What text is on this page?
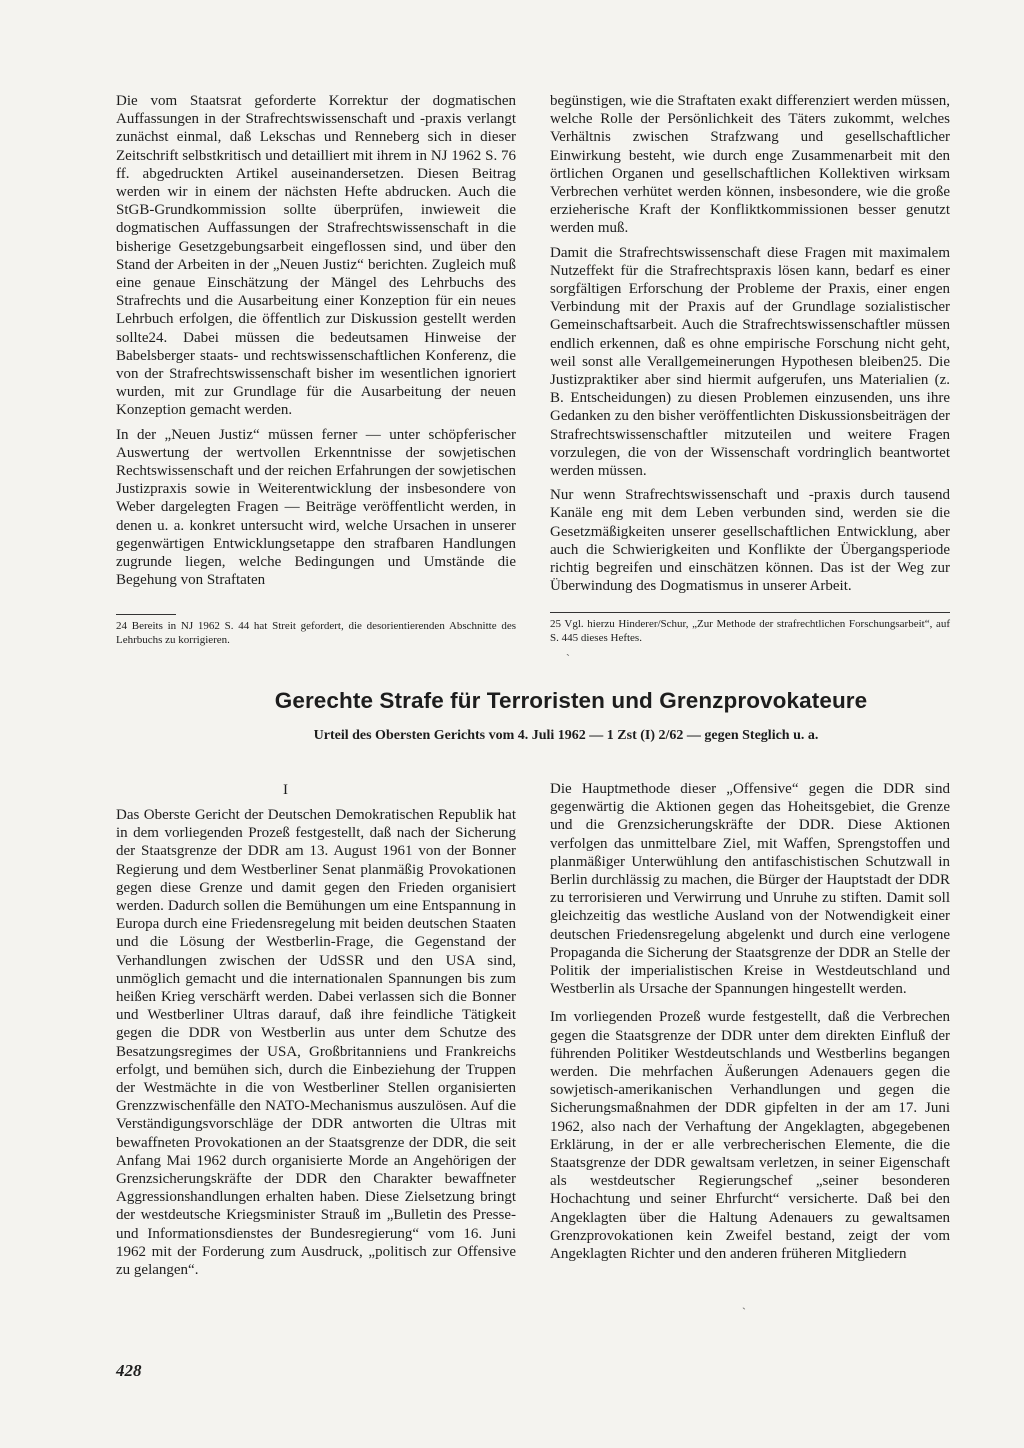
Die vom Staatsrat geforderte Korrektur der dogmatischen Auffassungen in der Strafrechtswissenschaft und -praxis verlangt zunächst einmal, daß Lekschas und Renneberg sich in dieser Zeitschrift selbstkritisch und detailliert mit ihrem in NJ 1962 S. 76 ff. abgedruckten Artikel auseinandersetzen. Diesen Beitrag werden wir in einem der nächsten Hefte abdrucken. Auch die StGB-Grundkommission sollte überprüfen, inwieweit die dogmatischen Auffassungen der Strafrechtswissenschaft in die bisherige Gesetzgebungsarbeit eingeflossen sind, und über den Stand der Arbeiten in der „Neuen Justiz“ berichten. Zugleich muß eine genaue Einschätzung der Mängel des Lehrbuchs des Strafrechts und die Ausarbeitung einer Konzeption für ein neues Lehrbuch erfolgen, die öffentlich zur Diskussion gestellt werden sollte24. Dabei müssen die bedeutsamen Hinweise der Babelsberger staats- und rechtswissenschaftlichen Konferenz, die von der Strafrechtswissenschaft bisher im wesentlichen ignoriert wurden, mit zur Grundlage für die Ausarbeitung der neuen Konzeption gemacht werden.

In der „Neuen Justiz“ müssen ferner — unter schöpferischer Auswertung der wertvollen Erkenntnisse der sowjetischen Rechtswissenschaft und der reichen Erfahrungen der sowjetischen Justizpraxis sowie in Weiterentwicklung der insbesondere von Weber dargelegten Fragen — Beiträge veröffentlicht werden, in denen u. a. konkret untersucht wird, welche Ursachen in unserer gegenwärtigen Entwicklungsetappe den strafbaren Handlungen zugrunde liegen, welche Bedingungen und Umstände die Begehung von Straftaten

24 Bereits in NJ 1962 S. 44 hat Streit gefordert, die desorientierenden Abschnitte des Lehrbuchs zu korrigieren.

begünstigen, wie die Straftaten exakt differenziert werden müssen, welche Rolle der Persönlichkeit des Täters zukommt, welches Verhältnis zwischen Strafzwang und gesellschaftlicher Einwirkung besteht, wie durch enge Zusammenarbeit mit den örtlichen Organen und gesellschaftlichen Kollektiven wirksam Verbrechen verhütet werden können, insbesondere, wie die große erzieherische Kraft der Konfliktkommissionen besser genutzt werden muß.

Damit die Strafrechtswissenschaft diese Fragen mit maximalem Nutzeffekt für die Strafrechtspraxis lösen kann, bedarf es einer sorgfältigen Erforschung der Probleme der Praxis, einer engen Verbindung mit der Praxis auf der Grundlage sozialistischer Gemeinschaftsarbeit. Auch die Strafrechtswissenschaftler müssen endlich erkennen, daß es ohne empirische Forschung nicht geht, weil sonst alle Verallgemeinerungen Hypothesen bleiben25. Die Justizpraktiker aber sind hiermit aufgerufen, uns Materialien (z. B. Entscheidungen) zu diesen Problemen einzusenden, uns ihre Gedanken zu den bisher veröffentlichten Diskussionsbeiträgen der Strafrechtswissenschaftler mitzuteilen und weitere Fragen vorzulegen, die von der Wissenschaft vordringlich beantwortet werden müssen.

Nur wenn Strafrechtswissenschaft und -praxis durch tausend Kanäle eng mit dem Leben verbunden sind, werden sie die Gesetzmäßigkeiten unserer gesellschaftlichen Entwicklung, aber auch die Schwierigkeiten und Konflikte der Übergangsperiode richtig begreifen und einschätzen können. Das ist der Weg zur Überwindung des Dogmatismus in unserer Arbeit.

25 Vgl. hierzu Hinderer/Schur, „Zur Methode der strafrechtlichen Forschungsarbeit“, auf S. 445 dieses Heftes.
˴
Gerechte Strafe für Terroristen und Grenzprovokateure
Urteil des Obersten Gerichts vom 4. Juli 1962 — 1 Zst (I) 2/62 — gegen Steglich u. a.
I

Das Oberste Gericht der Deutschen Demokratischen Republik hat in dem vorliegenden Prozeß festgestellt, daß nach der Sicherung der Staatsgrenze der DDR am 13. August 1961 von der Bonner Regierung und dem Westberliner Senat planmäßig Provokationen gegen diese Grenze und damit gegen den Frieden organisiert werden. Dadurch sollen die Bemühungen um eine Entspannung in Europa durch eine Friedensregelung mit beiden deutschen Staaten und die Lösung der Westberlin-Frage, die Gegenstand der Verhandlungen zwischen der UdSSR und den USA sind, unmöglich gemacht und die internationalen Spannungen bis zum heißen Krieg verschärft werden. Dabei verlassen sich die Bonner und Westberliner Ultras darauf, daß ihre feindliche Tätigkeit gegen die DDR von Westberlin aus unter dem Schutze des Besatzungsregimes der USA, Großbritanniens und Frankreichs erfolgt, und bemühen sich, durch die Einbeziehung der Truppen der Westmächte in die von Westberliner Stellen organisierten Grenzzwischenfälle den NATO-Mechanismus auszulösen. Auf die Verständigungsvorschläge der DDR antworten die Ultras mit bewaffneten Provokationen an der Staatsgrenze der DDR, die seit Anfang Mai 1962 durch organisierte Morde an Angehörigen der Grenzsicherungskräfte der DDR den Charakter bewaffneter Aggressionshandlungen erhalten haben. Diese Zielsetzung bringt der westdeutsche Kriegsminister Strauß im „Bulletin des Presse- und Informationsdienstes der Bundesregierung“ vom 16. Juni 1962 mit der Forderung zum Ausdruck, „politisch zur Offensive zu gelangen“.

Die Hauptmethode dieser „Offensive“ gegen die DDR sind gegenwärtig die Aktionen gegen das Hoheitsgebiet, die Grenze und die Grenzsicherungskräfte der DDR. Diese Aktionen verfolgen das unmittelbare Ziel, mit Waffen, Sprengstoffen und planmäßiger Unterwühlung den antifaschistischen Schutzwall in Berlin durchlässig zu machen, die Bürger der Hauptstadt der DDR zu terrorisieren und Verwirrung und Unruhe zu stiften. Damit soll gleichzeitig das westliche Ausland von der Notwendigkeit einer deutschen Friedensregelung abgelenkt und durch eine verlogene Propaganda die Sicherung der Staatsgrenze der DDR an Stelle der Politik der imperialistischen Kreise in Westdeutschland und Westberlin als Ursache der Spannungen hingestellt werden.

Im vorliegenden Prozeß wurde festgestellt, daß die Verbrechen gegen die Staatsgrenze der DDR unter dem direkten Einfluß der führenden Politiker Westdeutschlands und Westberlins begangen werden. Die mehrfachen Äußerungen Adenauers gegen die sowjetisch-amerikanischen Verhandlungen und gegen die Sicherungsmaßnahmen der DDR gipfelten in der am 17. Juni 1962, also nach der Verhaftung der Angeklagten, abgegebenen Erklärung, in der er alle verbrecherischen Elemente, die die Staatsgrenze der DDR gewaltsam verletzen, in seiner Eigenschaft als westdeutscher Regierungschef „seiner besonderen Hochachtung und seiner Ehrfurcht“ versicherte. Daß bei den Angeklagten über die Haltung Adenauers zu gewaltsamen Grenzprovokationen kein Zweifel bestand, zeigt der vom Angeklagten Richter und den anderen früheren Mitgliedern

ˎ
428
